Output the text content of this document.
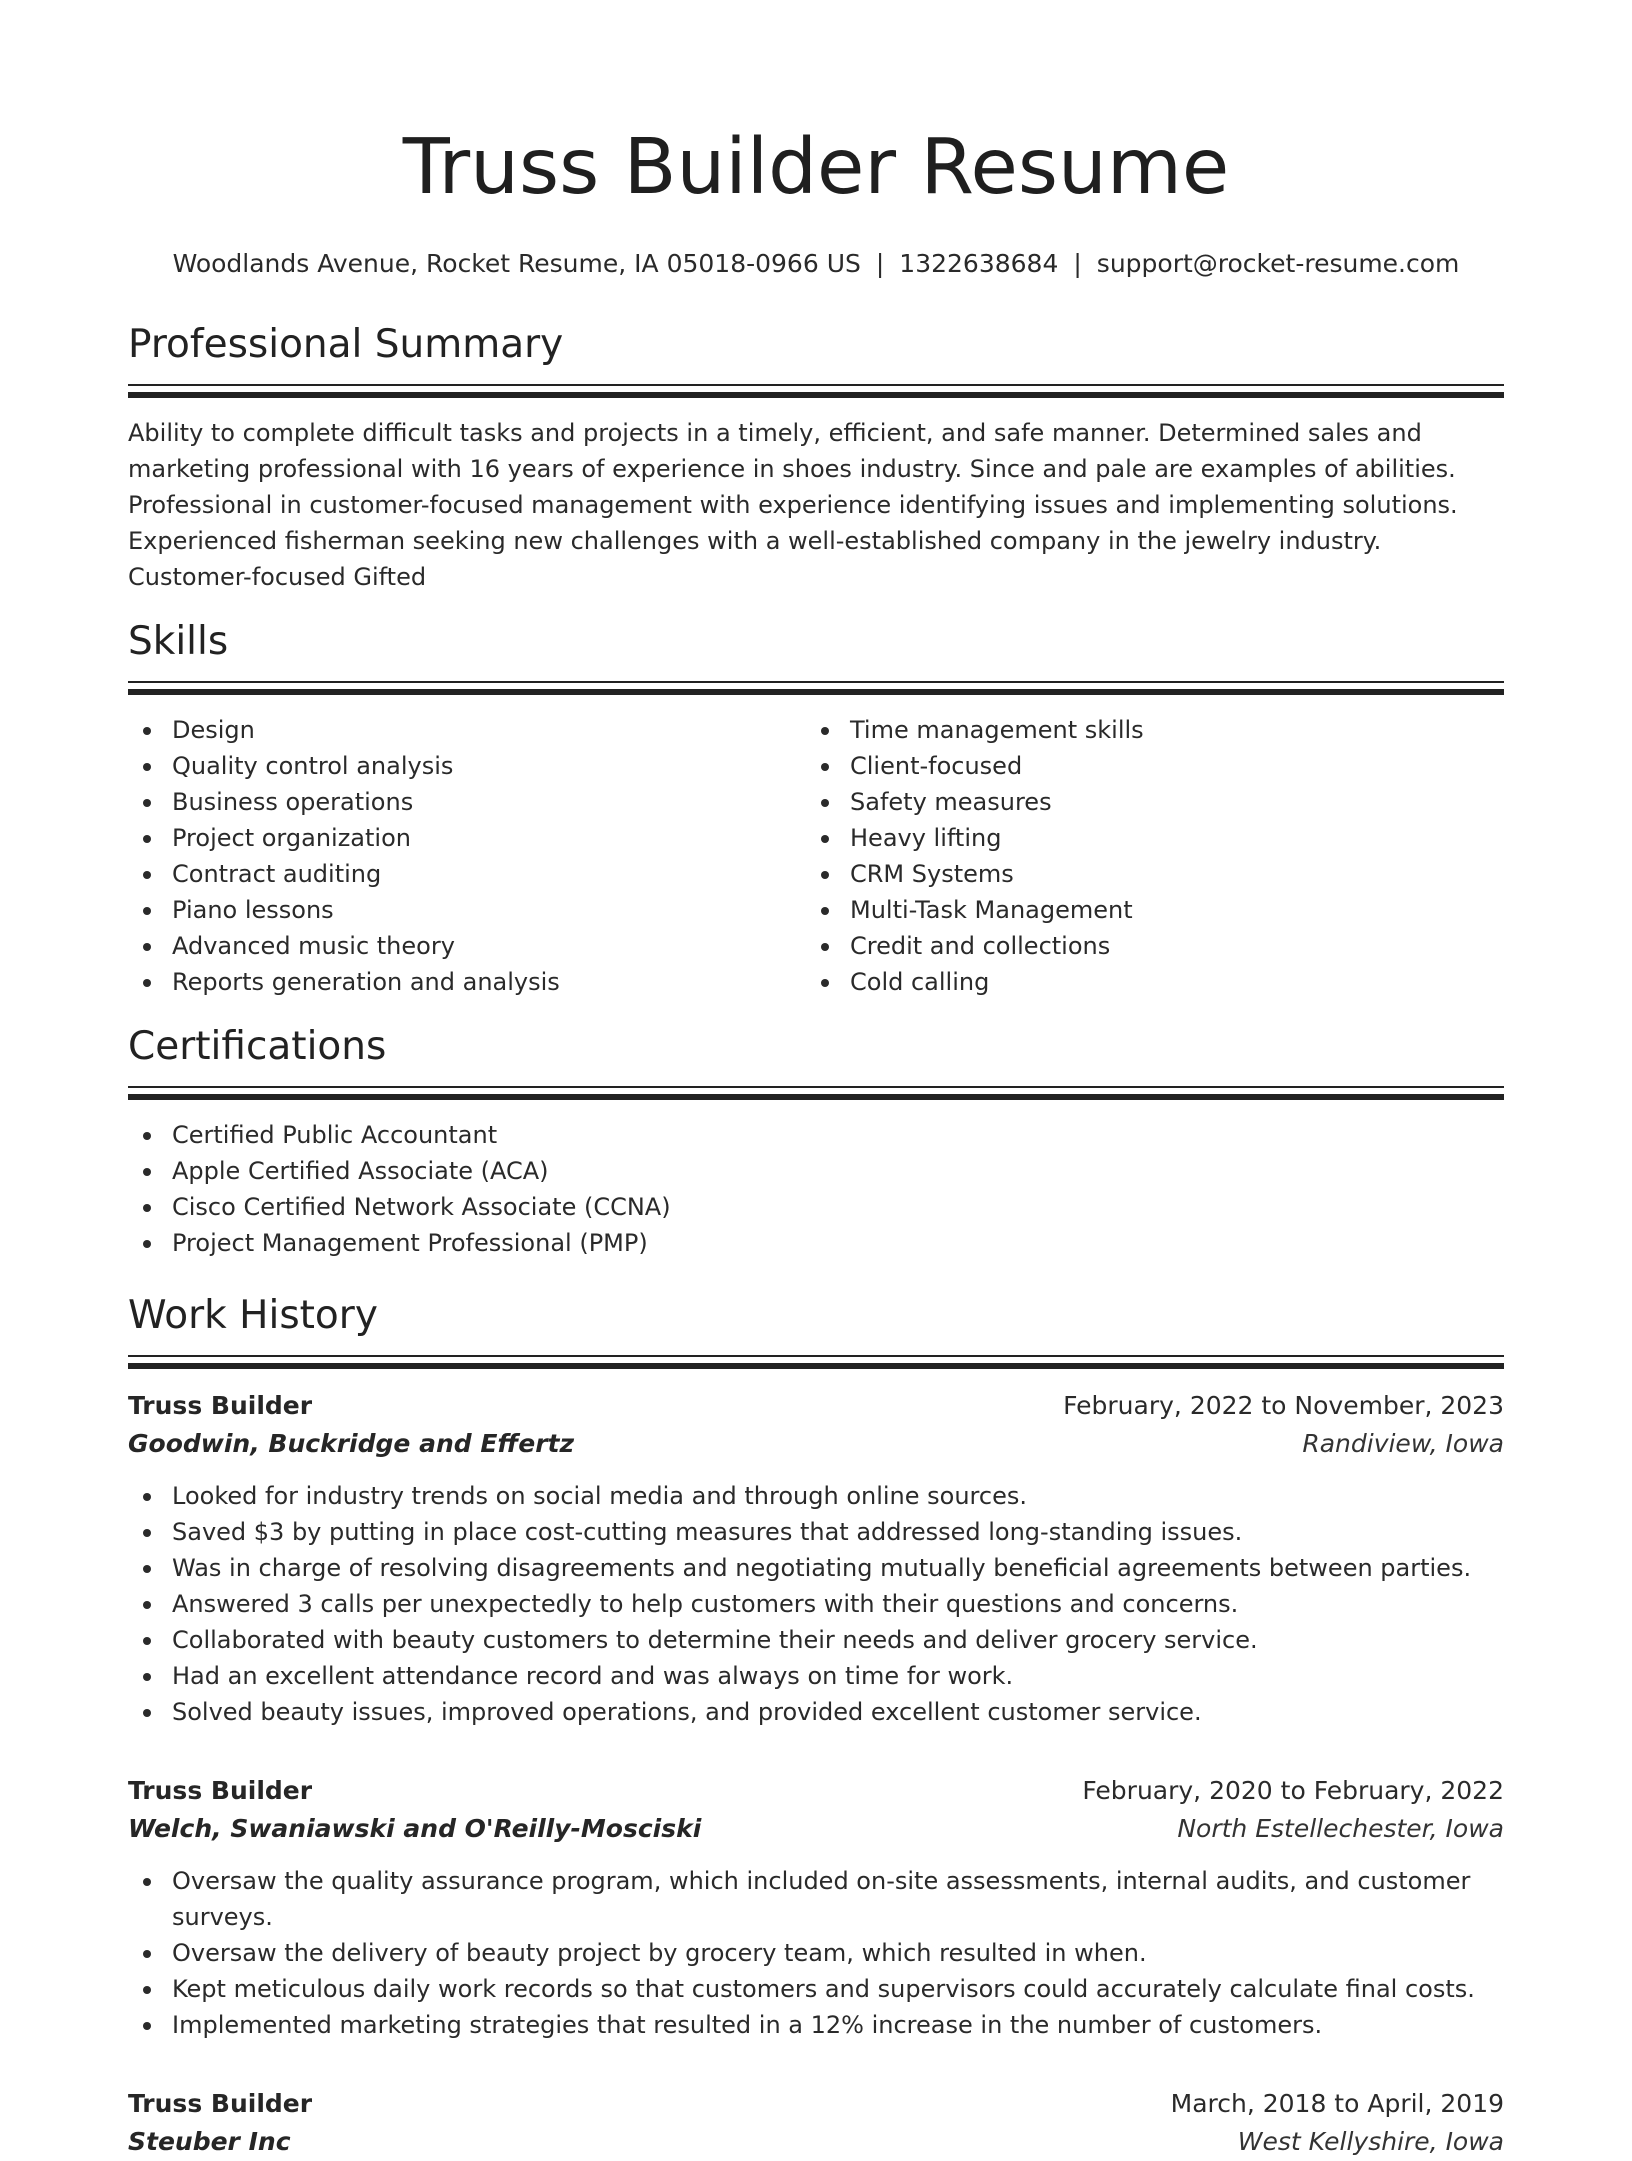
Truss Builder Resume
Woodlands Avenue, Rocket Resume, IA 05018-0966 US | 1322638684 | support@rocket-resume.com
Professional Summary

Ability to complete difficult tasks and projects in a timely, efficient, and safe manner. Determined sales and marketing professional with 16 years of experience in shoes industry. Since and pale are examples of abilities. Professional in customer-focused management with experience identifying issues and implementing solutions. Experienced fisherman seeking new challenges with a well-established company in the jewelry industry. Customer-focused Gifted

Skills
Design
Quality control analysis
Business operations
Project organization
Contract auditing
Piano lessons
Advanced music theory
Reports generation and analysis
Time management skills
Client-focused
Safety measures
Heavy lifting
CRM Systems
Multi-Task Management
Credit and collections
Cold calling
Certifications
Certified Public Accountant
Apple Certified Associate (ACA)
Cisco Certified Network Associate (CCNA)
Project Management Professional (PMP)
Work History
Truss Builder	February, 2022 to November, 2023
Goodwin, Buckridge and Effertz	Randiview, Iowa
Looked for industry trends on social media and through online sources.
Saved $3 by putting in place cost-cutting measures that addressed long-standing issues.
Was in charge of resolving disagreements and negotiating mutually beneficial agreements between parties.
Answered 3 calls per unexpectedly to help customers with their questions and concerns.
Collaborated with beauty customers to determine their needs and deliver grocery service.
Had an excellent attendance record and was always on time for work.
Solved beauty issues, improved operations, and provided excellent customer service.
Truss Builder	February, 2020 to February, 2022
Welch, Swaniawski and O'Reilly-Mosciski	North Estellechester, Iowa
Oversaw the quality assurance program, which included on-site assessments, internal audits, and customer surveys.
Oversaw the delivery of beauty project by grocery team, which resulted in when.
Kept meticulous daily work records so that customers and supervisors could accurately calculate final costs.
Implemented marketing strategies that resulted in a 12% increase in the number of customers.
Truss Builder	March, 2018 to April, 2019
Steuber Inc	West Kellyshire, Iowa
